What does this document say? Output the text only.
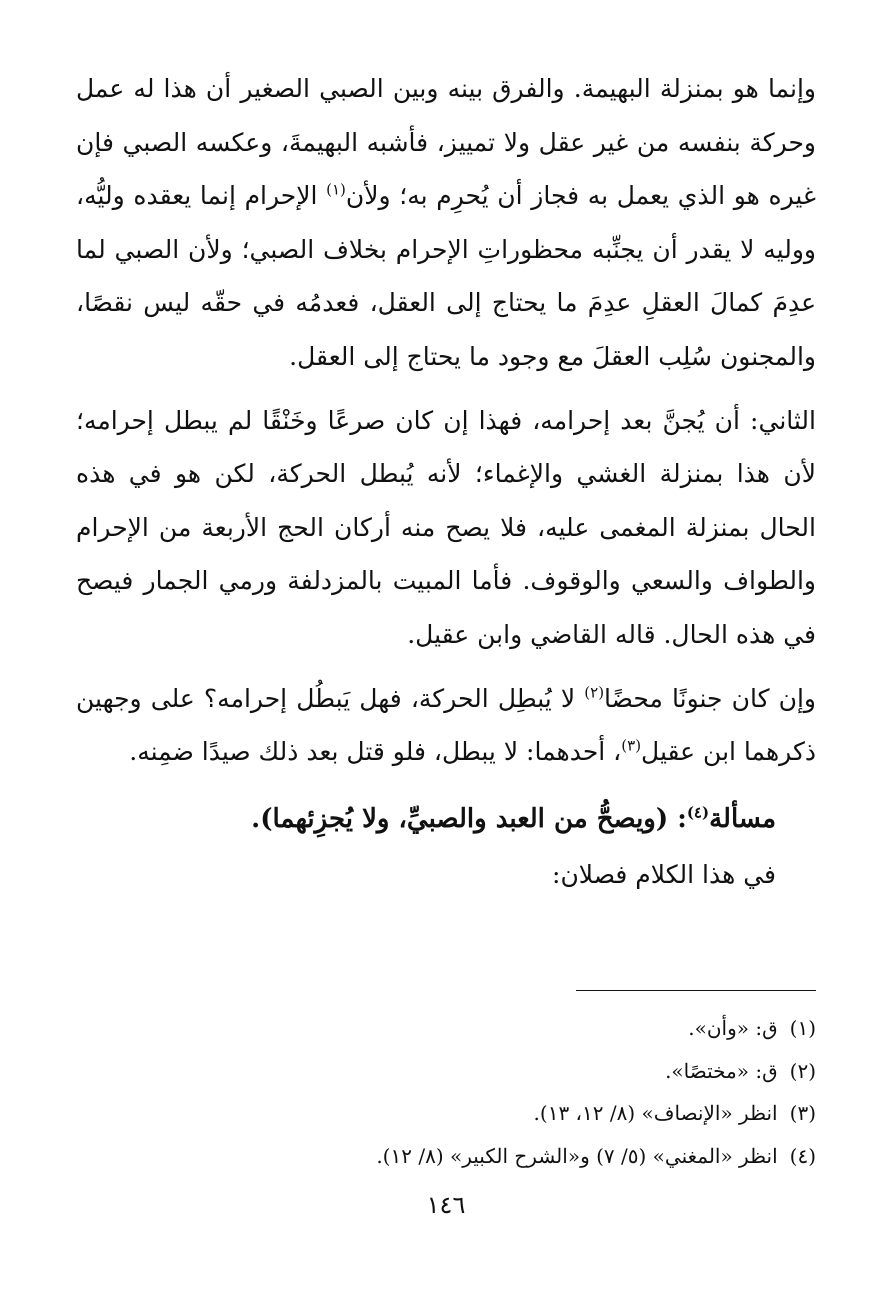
وإنما هو بمنزلة البهيمة. والفرق بينه وبين الصبي الصغير أن هذا له عمل وحركة بنفسه من غير عقل ولا تمييز، فأشبه البهيمةَ، وعكسه الصبي فإن غيره هو الذي يعمل به فجاز أن يُحرِم به؛ ولأن$^{(١)}$ الإحرام إنما يعقده وليُّه، ووليه لا يقدر أن يجنِّبه محظوراتِ الإحرام بخلاف الصبي؛ ولأن الصبي لما عدِمَ كمالَ العقلِ عدِمَ ما يحتاج إلى العقل، فعدمُه في حقّه ليس نقصًا، والمجنون سُلِب العقلَ مع وجود ما يحتاج إلى العقل.

الثاني: أن يُجنَّ بعد إحرامه، فهذا إن كان صرعًا وخَنْقًا لم يبطل إحرامه؛ لأن هذا بمنزلة الغشي والإغماء؛ لأنه يُبطل الحركة، لكن هو في هذه الحال بمنزلة المغمى عليه، فلا يصح منه أركان الحج الأربعة من الإحرام والطواف والسعي والوقوف. فأما المبيت بالمزدلفة ورمي الجمار فيصح في هذه الحال. قاله القاضي وابن عقيل.

وإن كان جنونًا محضًا$^{(٢)}$ لا يُبطِل الحركة، فهل يَبطُل إحرامه؟ على وجهين ذكرهما ابن عقيل$^{(٣)}$، أحدهما: لا يبطل، فلو قتل بعد ذلك صيدًا ضمِنه.

مسألة$^{(٤)}$: (ويصحُّ من العبد والصبيِّ، ولا يُجزِئهما).

في هذا الكلام فصلان:

(١)ق: «وأن».
(٢)ق: «مختصًا».
(٣)انظر «الإنصاف» (٨/ ١٢، ١٣).
(٤)انظر «المغني» (٥/ ٧) و«الشرح الكبير» (٨/ ١٢).
١٤٦
